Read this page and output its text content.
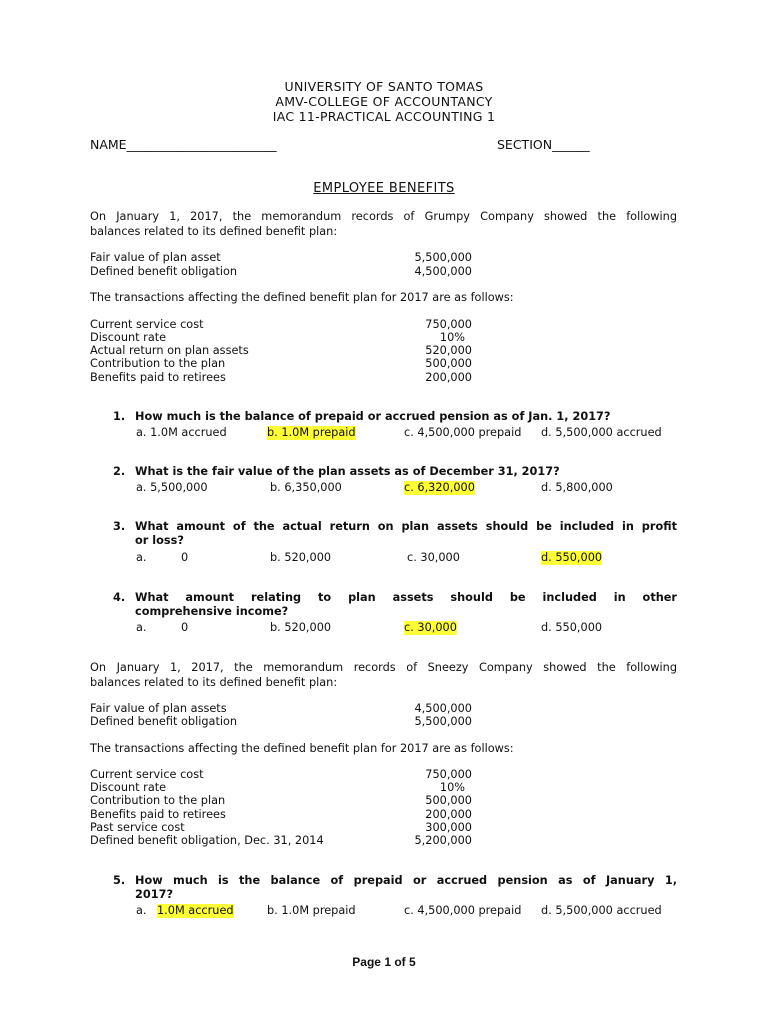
UNIVERSITY OF SANTO TOMAS
AMV-COLLEGE OF ACCOUNTANCY
IAC 11-PRACTICAL ACCOUNTING 1
NAME________________________	SECTION______
EMPLOYEE BENEFITS
On January 1, 2017, the memorandum records of Grumpy Company showed the following
balances related to its defined benefit plan:
Fair value of plan asset	5,500,000
Defined benefit obligation	4,500,000
The transactions affecting the defined benefit plan for 2017 are as follows:
Current service cost	750,000
Discount rate	10%
Actual return on plan assets	520,000
Contribution to the plan	500,000
Benefits paid to retirees	200,000
1. How much is the balance of prepaid or accrued pension as of Jan. 1, 2017?
a. 1.0M accrued	b. 1.0M prepaid	c. 4,500,000 prepaid d. 5,500,000 accrued
2. What is the fair value of the plan assets as of December 31, 2017?
a. 5,500,000	b. 6,350,000	c. 6,320,000	d. 5,800,000
3. What amount of the actual return on plan assets should be included in profit
or loss?
a.	0	b. 520,000	c. 30,000	d. 550,000
4. What amount relating to plan assets should be included in other
comprehensive income?
a.	0	b. 520,000	c. 30,000	d. 550,000
On January 1, 2017, the memorandum records of Sneezy Company showed the following
balances related to its defined benefit plan:
Fair value of plan assets	4,500,000
Defined benefit obligation	5,500,000
The transactions affecting the defined benefit plan for 2017 are as follows:
Current service cost	750,000
Discount rate	10%
Contribution to the plan	500,000
Benefits paid to retirees	200,000
Past service cost	300,000
Defined benefit obligation, Dec. 31, 2014	5,200,000
5. How much is the balance of prepaid or accrued pension as of January 1,
2017?
a. 1.0M accrued	b. 1.0M prepaid	c. 4,500,000 prepaid d. 5,500,000 accrued
Page 1 of 5
